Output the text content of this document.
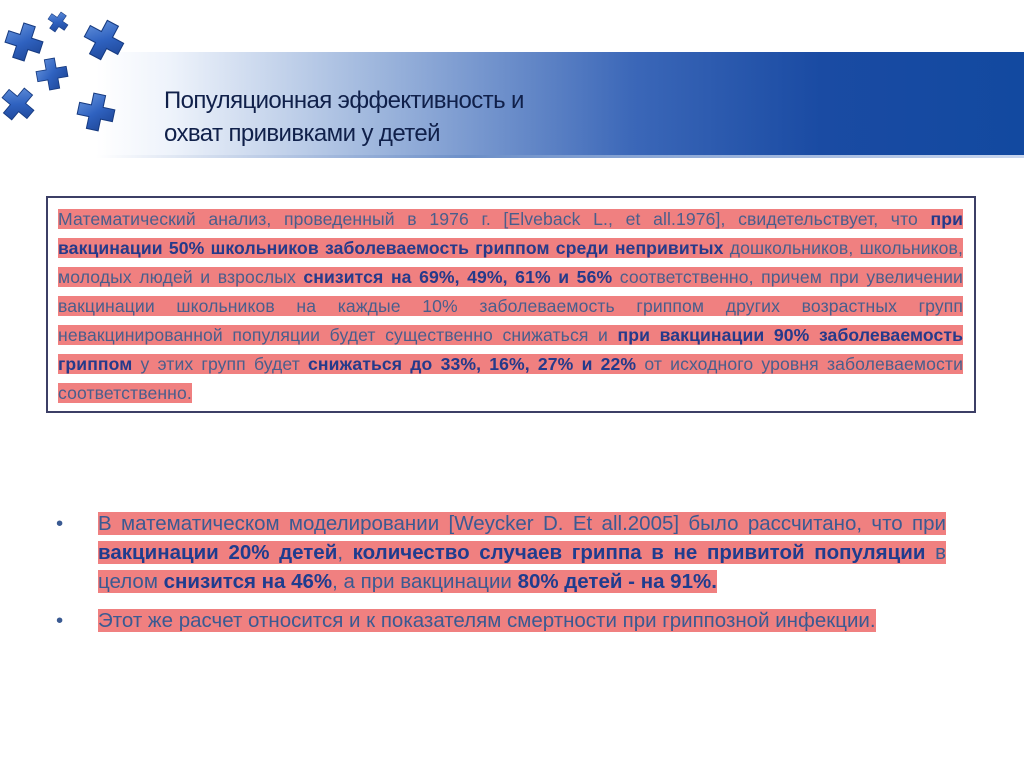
Популяционная эффективность и
охват прививками у детей
Математический анализ, проведенный в 1976 г. [Elveback L., et all.1976], свидетельствует, что при вакцинации 50% школьников заболеваемость гриппом среди непривитых дошкольников, школьников, молодых людей и взрослых снизится на 69%, 49%, 61% и 56% соответственно, причем при увеличении вакцинации школьников на каждые 10% заболеваемость гриппом других возрастных групп невакцинированной популяции будет существенно снижаться и при вакцинации 90% заболеваемость гриппом у этих групп будет снижаться до 33%, 16%, 27% и 22% от исходного уровня заболеваемости соответственно.
•	В математическом моделировании [Weycker D. Et all.2005] было рассчитано, что при вакцинации 20% детей, количество случаев гриппа в не привитой популяции в целом снизится на 46%, а при вакцинации 80% детей - на 91%.
•	Этот же расчет относится и к показателям смертности при гриппозной инфекции.
